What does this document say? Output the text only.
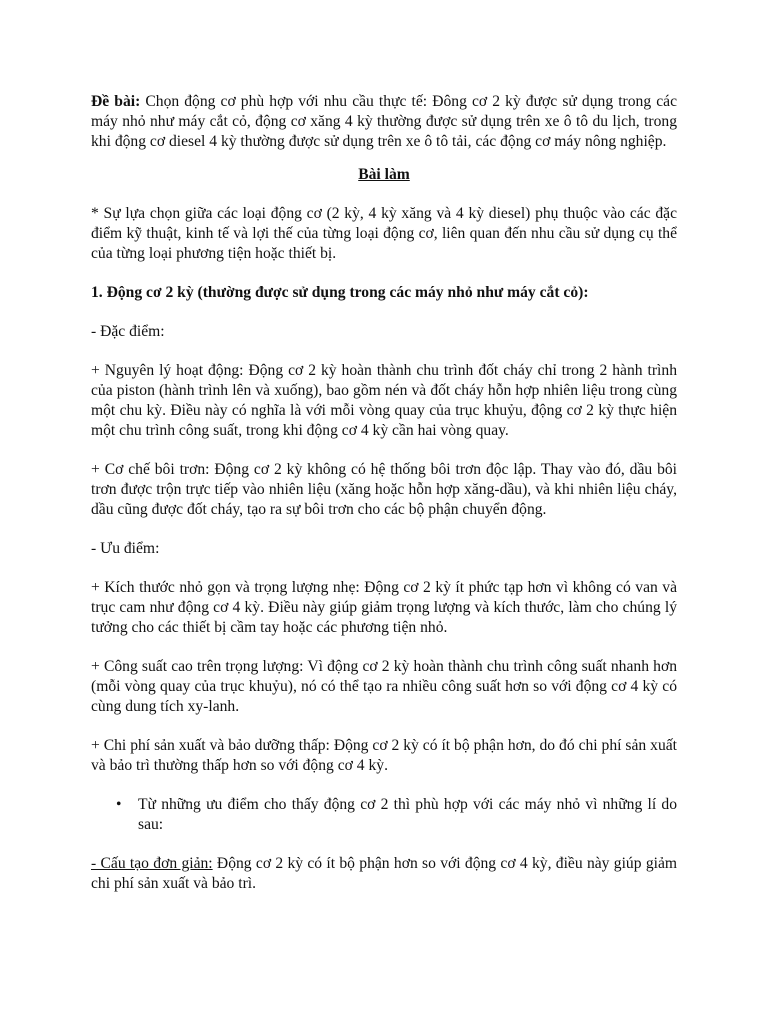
Đề bài: Chọn động cơ phù hợp với nhu cầu thực tế: Đông cơ 2 kỳ được sử dụng trong các máy nhỏ như máy cắt cỏ, động cơ xăng 4 kỳ thường được sử dụng trên xe ô tô du lịch, trong khi động cơ diesel 4 kỳ thường được sử dụng trên xe ô tô tải, các động cơ máy nông nghiệp.

Bài làm

* Sự lựa chọn giữa các loại động cơ (2 kỳ, 4 kỳ xăng và 4 kỳ diesel) phụ thuộc vào các đặc điểm kỹ thuật, kinh tế và lợi thế của từng loại động cơ, liên quan đến nhu cầu sử dụng cụ thể của từng loại phương tiện hoặc thiết bị.

1. Động cơ 2 kỳ (thường được sử dụng trong các máy nhỏ như máy cắt cỏ):

- Đặc điểm:

+ Nguyên lý hoạt động: Động cơ 2 kỳ hoàn thành chu trình đốt cháy chỉ trong 2 hành trình của piston (hành trình lên và xuống), bao gồm nén và đốt cháy hỗn hợp nhiên liệu trong cùng một chu kỳ. Điều này có nghĩa là với mỗi vòng quay của trục khuỷu, động cơ 2 kỳ thực hiện một chu trình công suất, trong khi động cơ 4 kỳ cần hai vòng quay.

+ Cơ chế bôi trơn: Động cơ 2 kỳ không có hệ thống bôi trơn độc lập. Thay vào đó, dầu bôi trơn được trộn trực tiếp vào nhiên liệu (xăng hoặc hỗn hợp xăng-dầu), và khi nhiên liệu cháy, dầu cũng được đốt cháy, tạo ra sự bôi trơn cho các bộ phận chuyển động.

- Ưu điểm:

+ Kích thước nhỏ gọn và trọng lượng nhẹ: Động cơ 2 kỳ ít phức tạp hơn vì không có van và trục cam như động cơ 4 kỳ. Điều này giúp giảm trọng lượng và kích thước, làm cho chúng lý tưởng cho các thiết bị cầm tay hoặc các phương tiện nhỏ.

+ Công suất cao trên trọng lượng: Vì động cơ 2 kỳ hoàn thành chu trình công suất nhanh hơn (mỗi vòng quay của trục khuỷu), nó có thể tạo ra nhiều công suất hơn so với động cơ 4 kỳ có cùng dung tích xy-lanh.

+ Chi phí sản xuất và bảo dưỡng thấp: Động cơ 2 kỳ có ít bộ phận hơn, do đó chi phí sản xuất và bảo trì thường thấp hơn so với động cơ 4 kỳ.

• Từ những ưu điểm cho thấy động cơ 2 thì phù hợp với các máy nhỏ vì những lí do sau:

- Cấu tạo đơn giản: Động cơ 2 kỳ có ít bộ phận hơn so với động cơ 4 kỳ, điều này giúp giảm chi phí sản xuất và bảo trì.
